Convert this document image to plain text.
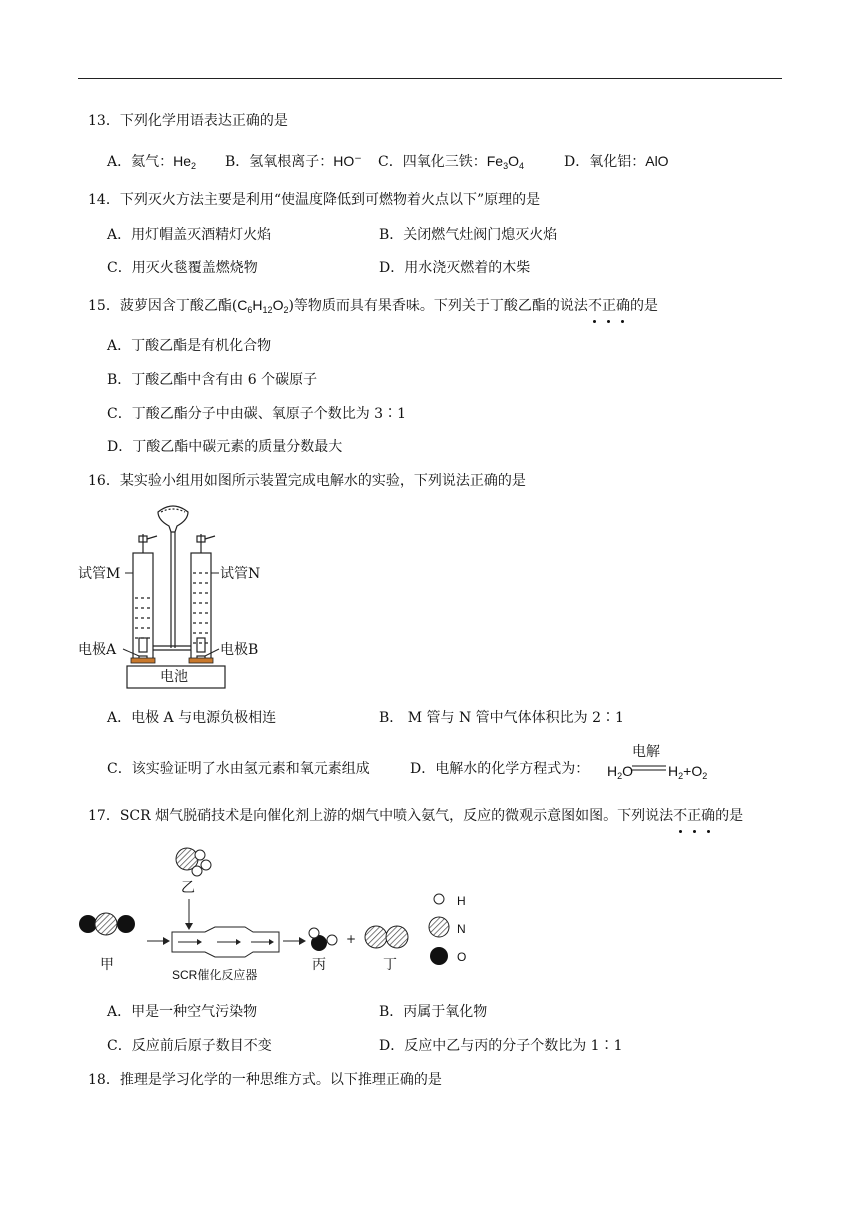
13．下列化学用语表达正确的是
A．氦气：$He_2$ B．氢氧根离子：HO− C．四氧化三铁：$Fe_3O_4$	D．氧化铝：AlO
14．下列灭火方法主要是利用“使温度降低到可燃物着火点以下”原理的是
A．用灯帽盖灭酒精灯火焰	B．关闭燃气灶阀门熄灭火焰
C．用灭火毯覆盖燃烧物	D．用水浇灭燃着的木柴
15．菠萝因含丁酸乙酯$(C_6H_{12}O_2)$等物质而具有果香味。下列关于丁酸乙酯的说法不正确的是
A．丁酸乙酯是有机化合物
B．丁酸乙酯中含有由 6 个碳原子
C．丁酸乙酯分子中由碳、氧原子个数比为 3∶1
D．丁酸乙酯中碳元素的质量分数最大
16．某实验小组用如图所示装置完成电解水的实验，下列说法正确的是
试管M	试管N
电极A	电极B
电池
A．电极 A 与电源负极相连	B． M 管与 N 管中气体体积比为 2∶1
C．该实验证明了水由氢元素和氧元素组成	D．电解水的化学方程式为： $H_2O$
电解
$H_2+O_2$
17．SCR 烟气脱硝技术是向催化剂上游的烟气中喷入氨气，反应的微观示意图如图。下列说法不正确的是
乙
甲
SCR催化反应器
丙
+
丁
H
N
O
A．甲是一种空气污染物	B．丙属于氧化物
C．反应前后原子数目不变	D．反应中乙与丙的分子个数比为 1∶1
18．推理是学习化学的一种思维方式。以下推理正确的是
